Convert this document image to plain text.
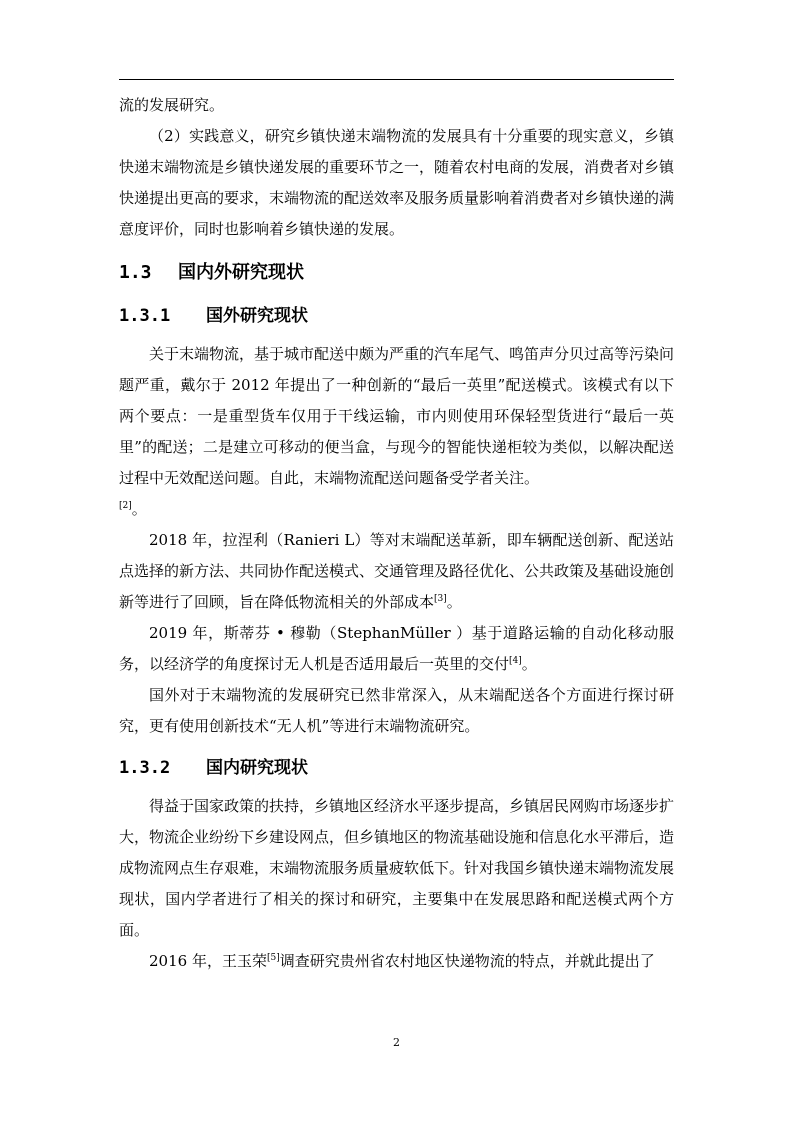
流的发展研究。

（2）实践意义，研究乡镇快递末端物流的发展具有十分重要的现实意义，乡镇快递末端物流是乡镇快递发展的重要环节之一，随着农村电商的发展，消费者对乡镇快递提出更高的要求，末端物流的配送效率及服务质量影响着消费者对乡镇快递的满意度评价，同时也影响着乡镇快递的发展。

1.3 国内外研究现状
1.3.1 国外研究现状

关于末端物流，基于城市配送中颇为严重的汽车尾气、鸣笛声分贝过高等污染问题严重，戴尔于 2012 年提出了一种创新的“最后一英里”配送模式。该模式有以下两个要点：一是重型货车仅用于干线运输，市内则使用环保轻型货进行“最后一英里”的配送；二是建立可移动的便当盒，与现今的智能快递柜较为类似，以解决配送过程中无效配送问题。自此，末端物流配送问题备受学者关注。
[2]。

2018 年，拉涅利（Ranieri L）等对末端配送革新，即车辆配送创新、配送站点选择的新方法、共同协作配送模式、交通管理及路径优化、公共政策及基础设施创新等进行了回顾，旨在降低物流相关的外部成本[3]。

2019 年，斯蒂芬 • 穆勒（StephanMüller ）基于道路运输的自动化移动服务，以经济学的角度探讨无人机是否适用最后一英里的交付[4]。

国外对于末端物流的发展研究已然非常深入，从末端配送各个方面进行探讨研究，更有使用创新技术“无人机”等进行末端物流研究。

1.3.2 国内研究现状

得益于国家政策的扶持，乡镇地区经济水平逐步提高，乡镇居民网购市场逐步扩大，物流企业纷纷下乡建设网点，但乡镇地区的物流基础设施和信息化水平滞后，造成物流网点生存艰难，末端物流服务质量疲软低下。针对我国乡镇快递末端物流发展现状，国内学者进行了相关的探讨和研究，主要集中在发展思路和配送模式两个方面。

2016 年，王玉荣[5]调查研究贵州省农村地区快递物流的特点，并就此提出了

2
